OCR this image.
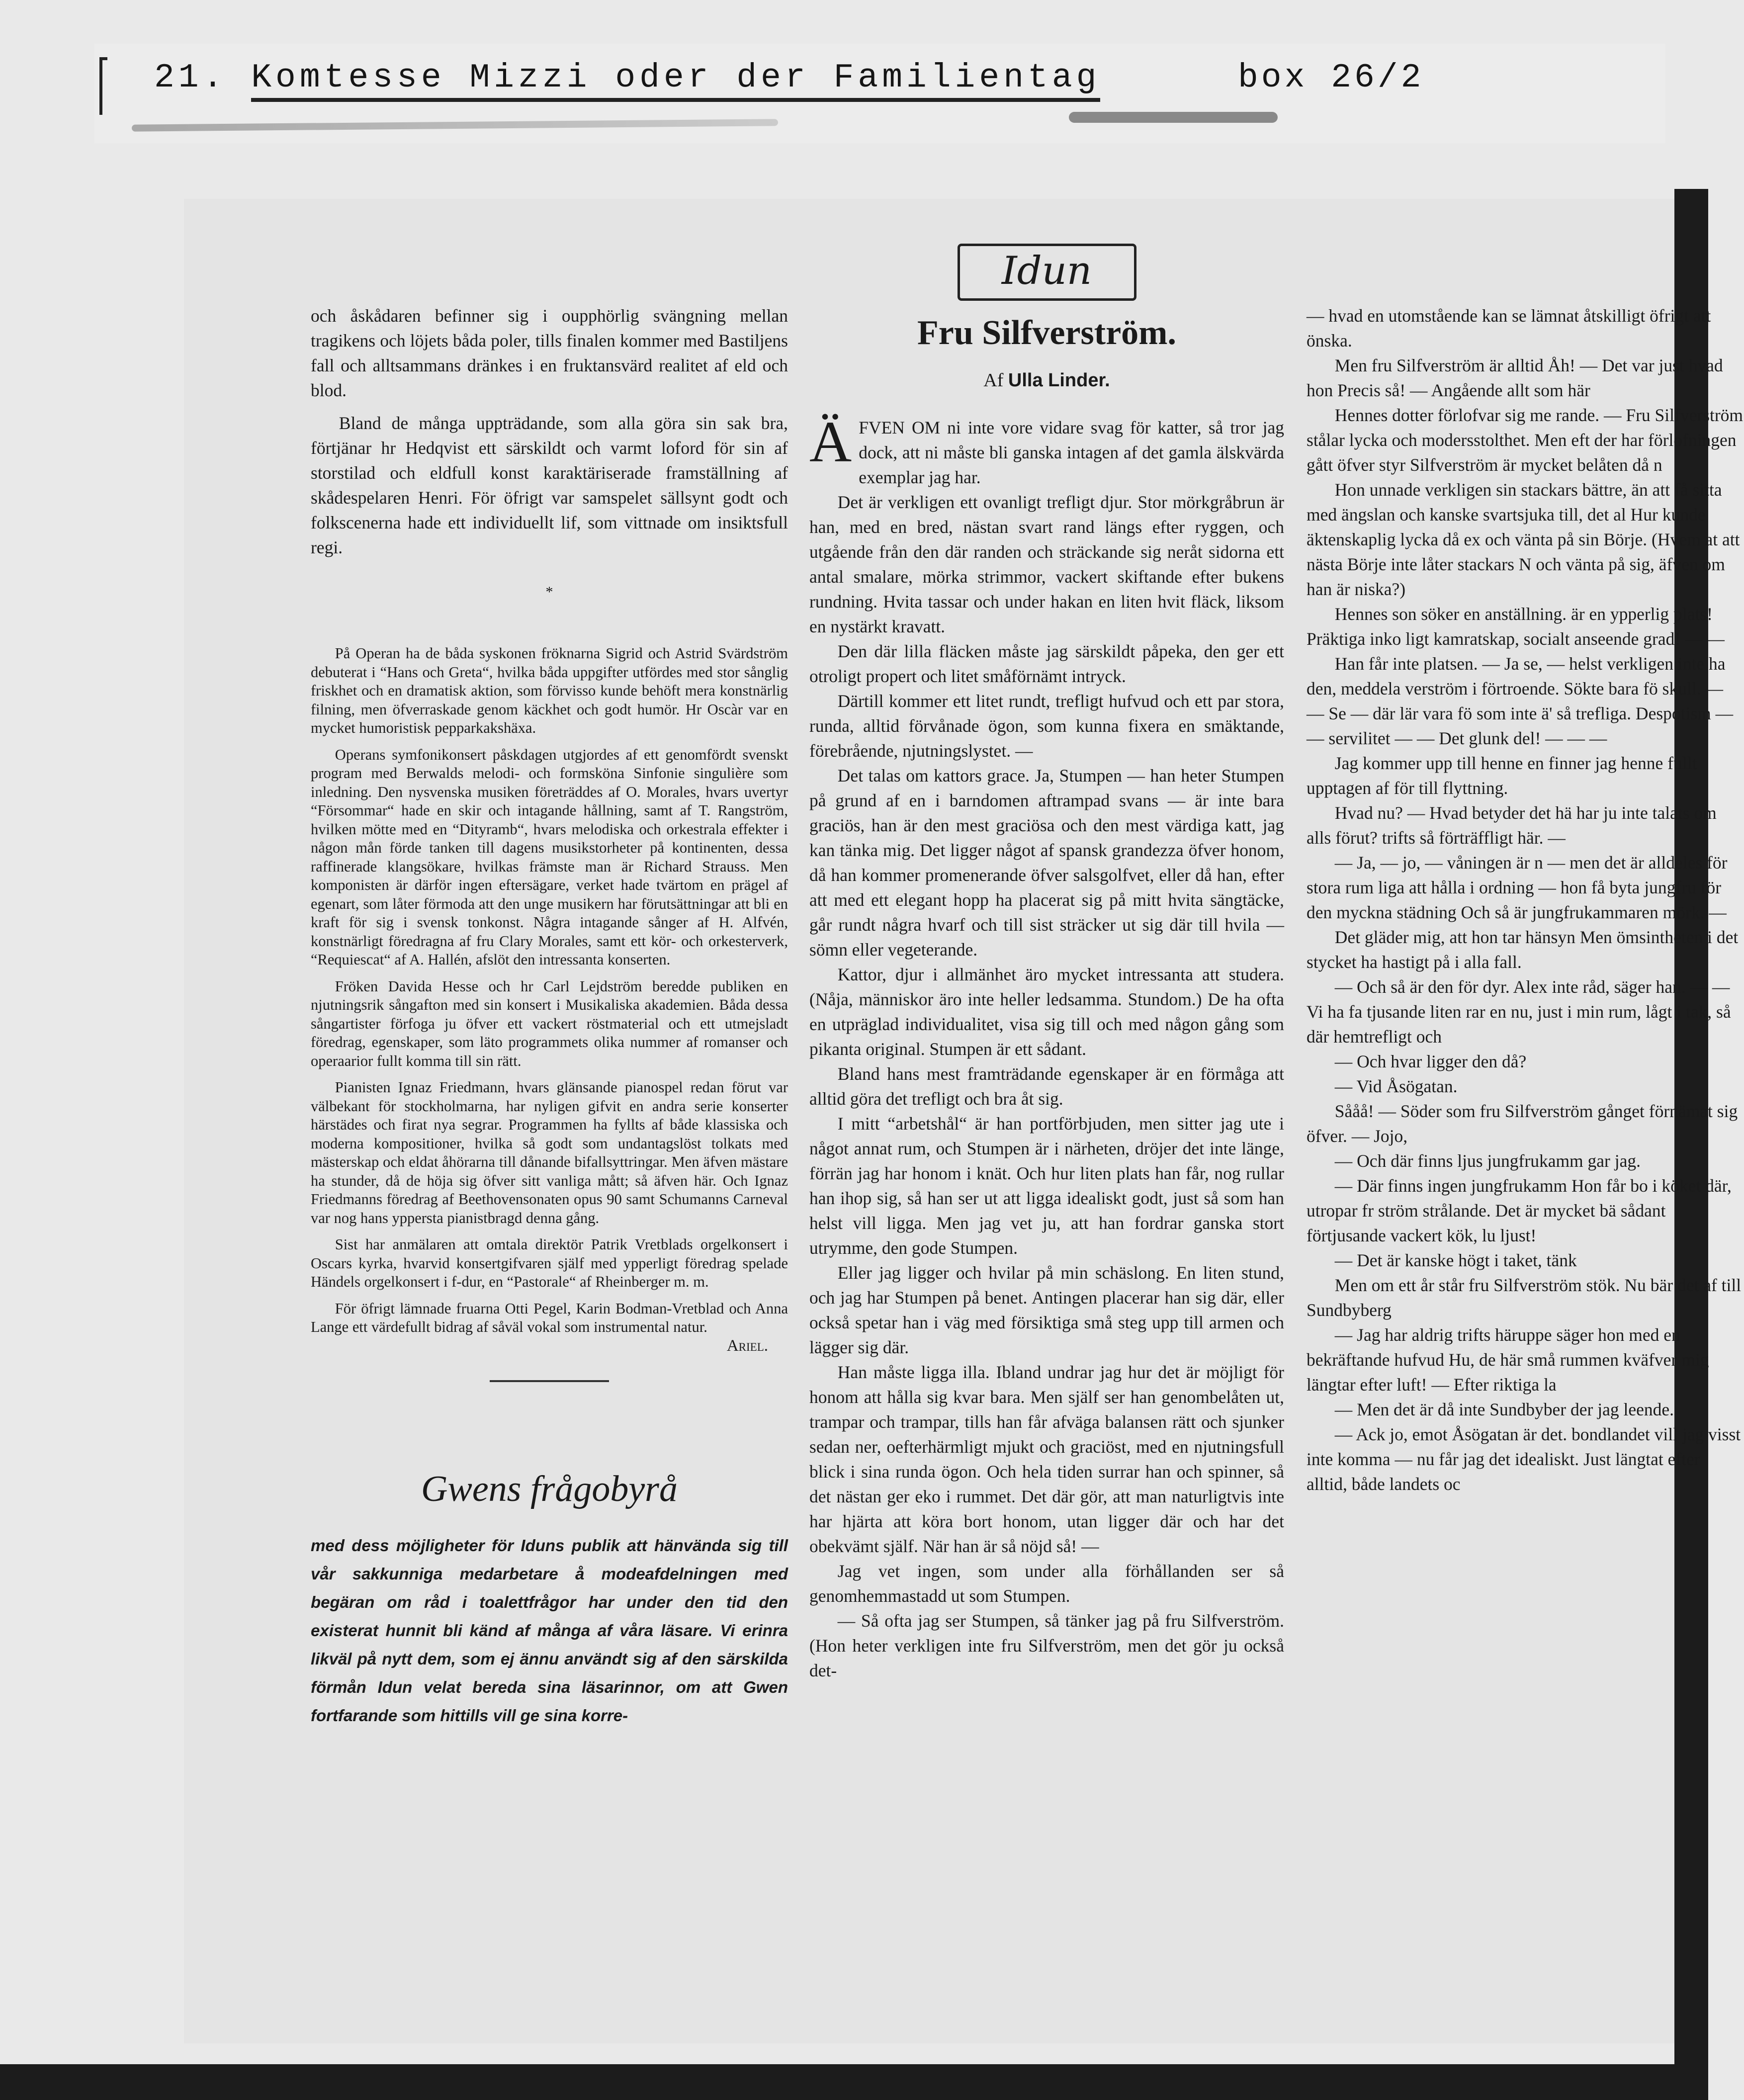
21. Komtesse Mizzi oder der Familientag	box 26/2

och åskådaren befinner sig i oupphörlig svängning mellan tragikens och löjets båda poler, tills finalen kommer med Bastiljens fall och alltsammans dränkes i en fruktansvärd realitet af eld och blod.

Bland de många uppträdande, som alla göra sin sak bra, förtjänar hr Hedqvist ett särskildt och varmt loford för sin af storstilad och eldfull konst karaktäriserade framställning af skådespelaren Henri. För öfrigt var samspelet sällsynt godt och folkscenerna hade ett individuellt lif, som vittnade om insiktsfull regi.

*

På Operan ha de båda syskonen fröknarna Sigrid och Astrid Svärdström debuterat i “Hans och Greta“, hvilka båda uppgifter utfördes med stor sånglig friskhet och en dramatisk aktion, som förvisso kunde behöft mera konstnärlig filning, men öfverraskade genom käckhet och godt humör. Hr Oscàr var en mycket humoristisk pepparkakshäxa.

Operans symfonikonsert påskdagen utgjordes af ett genomfördt svenskt program med Berwalds melodi- och formsköna Sinfonie singulière som inledning. Den nysvenska musiken företräddes af O. Morales, hvars uvertyr “Försommar“ hade en skir och intagande hållning, samt af T. Rangström, hvilken mötte med en “Dityramb“, hvars melodiska och orkestrala effekter i någon mån förde tanken till dagens musikstorheter på kontinenten, dessa raffinerade klangsökare, hvilkas främste man är Richard Strauss. Men komponisten är därför ingen eftersägare, verket hade tvärtom en prägel af egenart, som låter förmoda att den unge musikern har förutsättningar att bli en kraft för sig i svensk tonkonst. Några intagande sånger af H. Alfvén, konstnärligt föredragna af fru Clary Morales, samt ett kör- och orkesterverk, “Requiescat“ af A. Hallén, afslöt den intressanta konserten.

Fröken Davida Hesse och hr Carl Lejdström beredde publiken en njutningsrik sångafton med sin konsert i Musikaliska akademien. Båda dessa sångartister förfoga ju öfver ett vackert röstmaterial och ett utmejsladt föredrag, egenskaper, som läto programmets olika nummer af romanser och operaarior fullt komma till sin rätt.

Pianisten Ignaz Friedmann, hvars glänsande pianospel redan förut var välbekant för stockholmarna, har nyligen gifvit en andra serie konserter härstädes och firat nya segrar. Programmen ha fyllts af både klassiska och moderna kompositioner, hvilka så godt som undantagslöst tolkats med mästerskap och eldat åhörarna till dånande bifallsyttringar. Men äfven mästare ha stunder, då de höja sig öfver sitt vanliga mått; så äfven här. Och Ignaz Friedmanns föredrag af Beethovensonaten opus 90 samt Schumanns Carneval var nog hans yppersta pianistbragd denna gång.

Sist har anmälaren att omtala direktör Patrik Vretblads orgelkonsert i Oscars kyrka, hvarvid konsertgifvaren själf med ypperligt föredrag spelade Händels orgelkonsert i f-dur, en “Pastorale“ af Rheinberger m. m.

För öfrigt lämnade fruarna Otti Pegel, Karin Bodman-Vretblad och Anna Lange ett värdefullt bidrag af såväl vokal som instrumental natur.

Ariel.
Gwens frågobyrå
med dess möjligheter för Iduns publik att hänvända sig till vår sakkunniga medarbetare å modeafdelningen med begäran om råd i toalettfrågor har under den tid den existerat hunnit bli känd af många af våra läsare. Vi erinra likväl på nytt dem, som ej ännu användt sig af den särskilda förmån Idun velat bereda sina läsarinnor, om att Gwen fortfarande som hittills vill ge sina korre-
Idun
Fru Silfverström.
Af Ulla Linder.

ÄFVEN OM ni inte vore vidare svag för katter, så tror jag dock, att ni måste bli ganska intagen af det gamla älskvärda exemplar jag har.

Det är verkligen ett ovanligt trefligt djur. Stor mörkgråbrun är han, med en bred, nästan svart rand längs efter ryggen, och utgående från den där randen och sträckande sig neråt sidorna ett antal smalare, mörka strimmor, vackert skiftande efter bukens rundning. Hvita tassar och under hakan en liten hvit fläck, liksom en nystärkt kravatt.

Den där lilla fläcken måste jag särskildt påpeka, den ger ett otroligt propert och litet småförnämt intryck.

Därtill kommer ett litet rundt, trefligt hufvud och ett par stora, runda, alltid förvånade ögon, som kunna fixera en smäktande, förebrående, njutningslystet. —

Det talas om kattors grace. Ja, Stumpen — han heter Stumpen på grund af en i barndomen aftrampad svans — är inte bara graciös, han är den mest graciösa och den mest värdiga katt, jag kan tänka mig. Det ligger något af spansk grandezza öfver honom, då han kommer promenerande öfver salsgolfvet, eller då han, efter att med ett elegant hopp ha placerat sig på mitt hvita sängtäcke, går rundt några hvarf och till sist sträcker ut sig där till hvila — sömn eller vegeterande.

Kattor, djur i allmänhet äro mycket intressanta att studera. (Nåja, människor äro inte heller ledsamma. Stundom.) De ha ofta en utpräglad individualitet, visa sig till och med någon gång som pikanta original. Stumpen är ett sådant.

Bland hans mest framträdande egenskaper är en förmåga att alltid göra det trefligt och bra åt sig.

I mitt “arbetshål“ är han portförbjuden, men sitter jag ute i något annat rum, och Stumpen är i närheten, dröjer det inte länge, förrän jag har honom i knät. Och hur liten plats han får, nog rullar han ihop sig, så han ser ut att ligga idealiskt godt, just så som han helst vill ligga. Men jag vet ju, att han fordrar ganska stort utrymme, den gode Stumpen.

Eller jag ligger och hvilar på min schäslong. En liten stund, och jag har Stumpen på benet. Antingen placerar han sig där, eller också spetar han i väg med försiktiga små steg upp till armen och lägger sig där.

Han måste ligga illa. Ibland undrar jag hur det är möjligt för honom att hålla sig kvar bara. Men själf ser han genombelåten ut, trampar och trampar, tills han får afväga balansen rätt och sjunker sedan ner, oefterhärmligt mjukt och graciöst, med en njutningsfull blick i sina runda ögon. Och hela tiden surrar han och spinner, så det nästan ger eko i rummet. Det där gör, att man naturligtvis inte har hjärta att köra bort honom, utan ligger där och har det obekvämt själf. När han är så nöjd så! —

Jag vet ingen, som under alla förhållanden ser så genomhemmastadd ut som Stumpen.

— Så ofta jag ser Stumpen, så tänker jag på fru Silfverström. (Hon heter verkligen inte fru Silfverström, men det gör ju också det-

— hvad en utomstående kan se lämnat åtskilligt öfrigt att önska.

Men fru Silfverström är alltid Åh! — Det var just hvad hon Precis så! — Angående allt som här

Hennes dotter förlofvar sig me rande. — Fru Silfverström stålar lycka och modersstolthet. Men eft der har förlofningen gått öfver styr Silfverström är mycket belåten då n

Hon unnade verkligen sin stackars bättre, än att få sitta med ängslan och kanske svartsjuka till, det al Hur kunde äktenskaplig lycka då ex och vänta på sin Börje. (Hvem at att nästa Börje inte låter stackars N och vänta på sig, äfven om han är niska?)

Hennes son söker en anställning. är en ypperlig plats! Präktiga inko ligt kamratskap, socialt anseende grad! — —

Han får inte platsen. — Ja se, — helst verkligen inte ha den, meddela verström i förtroende. Sökte bara fö skull. — — Se — där lär vara fö som inte ä' så trefliga. Despotism — — servilitet — — Det glunk del! — — —

Jag kommer upp till henne en finner jag henne fullt upptagen af för till flyttning.

Hvad nu? — Hvad betyder det hä har ju inte talats om alls förut? trifts så förträffligt här. —

— Ja, — jo, — våningen är n — men det är alldeles för stora rum liga att hålla i ordning — hon få byta jungfru för den myckna städning Och så är jungfrukammaren mörk. —

Det gläder mig, att hon tar hänsyn Men ömsintheten i det stycket ha hastigt på i alla fall.

— Och så är den för dyr. Alex inte råd, säger han. — — Vi ha fa tjusande liten rar en nu, just i min rum, lågt i tak, så där hemtrefligt och

— Och hvar ligger den då?

— Vid Åsögatan.

Sååå! — Söder som fru Silfverström gånget förnämat sig öfver. — Jojo,

— Och där finns ljus jungfrukamm gar jag.

— Där finns ingen jungfrukamm Hon får bo i köket där, utropar fr ström strålande. Det är mycket bä sådant förtjusande vackert kök, lu ljust!

— Det är kanske högt i taket, tänk

Men om ett år står fru Silfverström stök. Nu bär det af till Sundbyberg

— Jag har aldrig trifts häruppe säger hon med en bekräftande hufvud Hu, de här små rummen kväfver mig längtar efter luft! — Efter riktiga la

— Men det är då inte Sundbyber der jag leende.

— Ack jo, emot Åsögatan är det. bondlandet vill jag visst inte komma — nu får jag det idealiskt. Just längtat efter alltid, både landets oc
